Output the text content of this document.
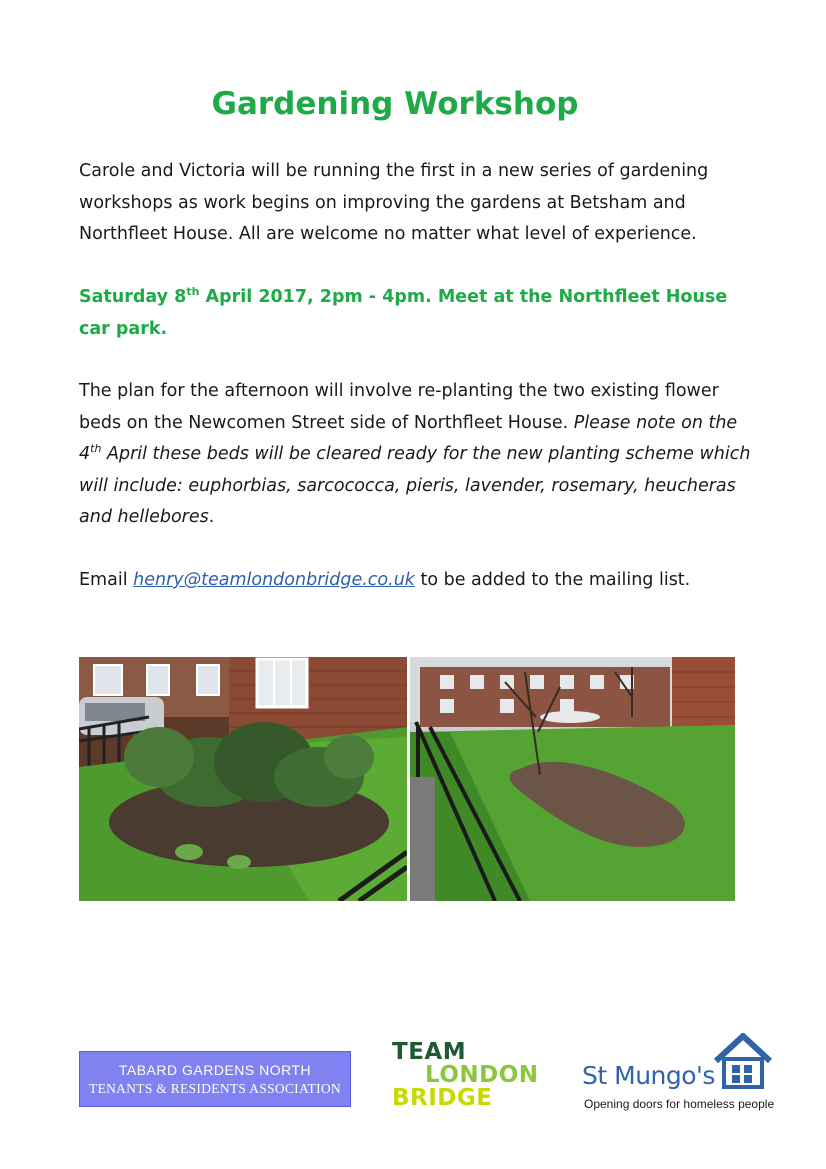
Gardening Workshop

Carole and Victoria will be running the first in a new series of gardening workshops as work begins on improving the gardens at Betsham and Northfleet House. All are welcome no matter what level of experience.

Saturday 8th April 2017, 2pm - 4pm. Meet at the Northfleet House car park.

The plan for the afternoon will involve re-planting the two existing flower beds on the Newcomen Street side of Northfleet House. Please note on the 4th April these beds will be cleared ready for the new planting scheme which will include: euphorbias, sarcococca, pieris, lavender, rosemary, heucheras and hellebores.

Email henry@teamlondonbridge.co.uk to be added to the mailing list.

TABARD GARDENS NORTH
TENANTS & RESIDENTS ASSOCIATION
TEAM
LONDON
BRIDGE
St Mungo's
Opening doors for homeless people
